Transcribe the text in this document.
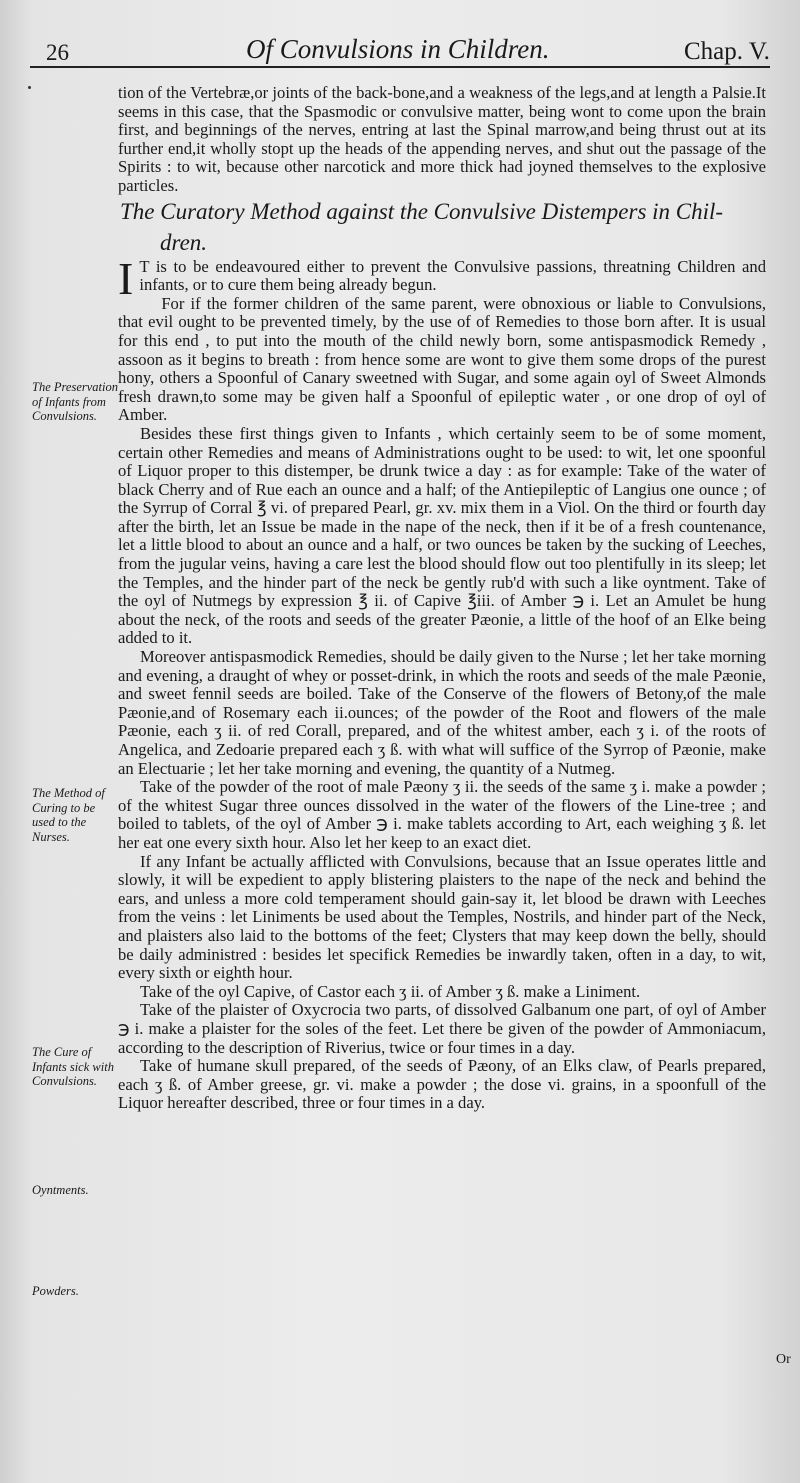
26	Of Convulsions in Children.	Chap. V.

tion of the Vertebræ,or joints of the back-bone,and a weakness of the legs,and at length a Palsie.It seems in this case, that the Spasmodic or convulsive matter, being wont to come upon the brain first, and beginnings of the nerves, entring at last the Spinal marrow,and being thrust out at its further end,it wholly stopt up the heads of the appending nerves, and shut out the passage of the Spirits : to wit, because other narcotick and more thick had joyned themselves to the explosive particles.

The Curatory Method against the Convulsive Distempers in Chil-
dren.

I T is to be endeavoured either to prevent the Convulsive passions, threatning Children and infants, or to cure them being already begun.

For if the former children of the same parent, were obnoxious or liable to Convulsions, that evil ought to be prevented timely, by the use of of Remedies to those born after. It is usual for this end , to put into the mouth of the child newly born, some antispasmodick Remedy , assoon as it begins to breath : from hence some are wont to give them some drops of the purest hony, others a Spoonful of Canary sweetned with Sugar, and some again oyl of Sweet Almonds fresh drawn,to some may be given half a Spoonful of epileptic water , or one drop of oyl of Amber.

Besides these first things given to Infants , which certainly seem to be of some moment, certain other Remedies and means of Administrations ought to be used: to wit, let one spoonful of Liquor proper to this distemper, be drunk twice a day : as for example: Take of the water of black Cherry and of Rue each an ounce and a half; of the Antiepileptic of Langius one ounce ; of the Syrrup of Corral ℥ vi. of prepared Pearl, gr. xv. mix them in a Viol. On the third or fourth day after the birth, let an Issue be made in the nape of the neck, then if it be of a fresh countenance, let a little blood to about an ounce and a half, or two ounces be taken by the sucking of Leeches, from the jugular veins, having a care lest the blood should flow out too plentifully in its sleep; let the Temples, and the hinder part of the neck be gently rub'd with such a like oyntment. Take of the oyl of Nutmegs by expression ℥ ii. of Capive ℥iii. of Amber ℈ i. Let an Amulet be hung about the neck, of the roots and seeds of the greater Pæonie, a little of the hoof of an Elke being added to it.

Moreover antispasmodick Remedies, should be daily given to the Nurse ; let her take morning and evening, a draught of whey or posset-drink, in which the roots and seeds of the male Pæonie, and sweet fennil seeds are boiled. Take of the Conserve of the flowers of Betony,of the male Pæonie,and of Rosemary each ii.ounces; of the powder of the Root and flowers of the male Pæonie, each ʒ ii. of red Corall, prepared, and of the whitest amber, each ʒ i. of the roots of Angelica, and Zedoarie prepared each ʒ ß. with what will suffice of the Syrrop of Pæonie, make an Electuarie ; let her take morning and evening, the quantity of a Nutmeg.

Take of the powder of the root of male Pæony ʒ ii. the seeds of the same ʒ i. make a powder ; of the whitest Sugar three ounces dissolved in the water of the flowers of the Line-tree ; and boiled to tablets, of the oyl of Amber ℈ i. make tablets according to Art, each weighing ʒ ß. let her eat one every sixth hour. Also let her keep to an exact diet.

If any Infant be actually afflicted with Convulsions, because that an Issue operates little and slowly, it will be expedient to apply blistering plaisters to the nape of the neck and behind the ears, and unless a more cold temperament should gain-say it, let blood be drawn with Leeches from the veins : let Liniments be used about the Temples, Nostrils, and hinder part of the Neck, and plaisters also laid to the bottoms of the feet; Clysters that may keep down the belly, should be daily administred : besides let specifick Remedies be inwardly taken, often in a day, to wit, every sixth or eighth hour.

Take of the oyl Capive, of Castor each ʒ ii. of Amber ʒ ß. make a Liniment.

Take of the plaister of Oxycrocia two parts, of dissolved Galbanum one part, of oyl of Amber ℈ i. make a plaister for the soles of the feet. Let there be given of the powder of Ammoniacum, according to the description of Riverius, twice or four times in a day.

Take of humane skull prepared, of the seeds of Pæony, of an Elks claw, of Pearls prepared, each ʒ ß. of Amber greese, gr. vi. make a powder ; the dose vi. grains, in a spoonfull of the Liquor hereafter described, three or four times in a day.

The Preservation of Infants from Convulsions.
The Method of Curing to be used to the Nurses.
The Cure of Infants sick with Convulsions.
Oyntments.
Powders.
Or
